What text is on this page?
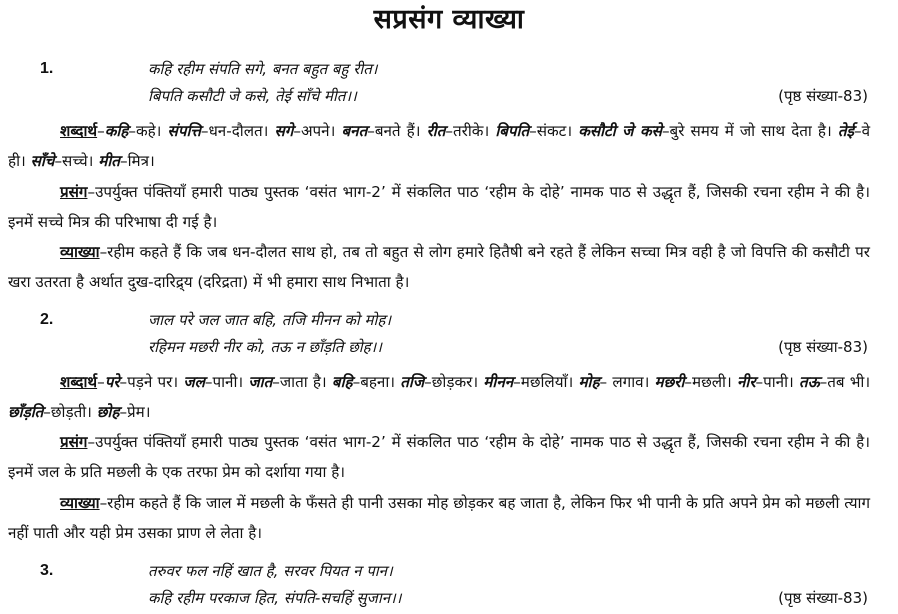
सप्रसंग व्याख्या
1.	कहि रहीम संपति सगे, बनत बहुत बहु रीत।
बिपति कसौटी जे कसे, तेई साँचे मीत।।	(पृष्ठ संख्या-83)
शब्दार्थ–कहि–कहे। संपत्ति–धन-दौलत। सगे–अपने। बनत–बनते हैं। रीत–तरीके। बिपति–संकट। कसौटी जे कसे–बुरे समय में जो साथ देता है। तेई–वे ही। साँचे–सच्चे। मीत–मित्र।
प्रसंग–उपर्युक्त पंक्तियाँ हमारी पाठ्य पुस्तक ‘वसंत भाग-2’ में संकलित पाठ ‘रहीम के दोहे’ नामक पाठ से उद्धृत हैं, जिसकी रचना रहीम ने की है। इनमें सच्चे मित्र की परिभाषा दी गई है।
व्याख्या–रहीम कहते हैं कि जब धन-दौलत साथ हो, तब तो बहुत से लोग हमारे हितैषी बने रहते हैं लेकिन सच्चा मित्र वही है जो विपत्ति की कसौटी पर खरा उतरता है अर्थात दुख-दारिद्र्य (दरिद्रता) में भी हमारा साथ निभाता है।
2.	जाल परे जल जात बहि, तजि मीनन को मोह।
रहिमन मछरी नीर को, तऊ न छाँड़ति छोह।।	(पृष्ठ संख्या-83)
शब्दार्थ–परे–पड़ने पर। जल–पानी। जात–जाता है। बहि–बहना। तजि–छोड़कर। मीनन–मछलियाँ। मोह– लगाव। मछरी–मछली। नीर–पानी। तऊ–तब भी। छाँड़ति–छोड़ती। छोह–प्रेम।
प्रसंग–उपर्युक्त पंक्तियाँ हमारी पाठ्य पुस्तक ‘वसंत भाग-2’ में संकलित पाठ ‘रहीम के दोहे’ नामक पाठ से उद्धृत हैं, जिसकी रचना रहीम ने की है। इनमें जल के प्रति मछली के एक तरफा प्रेम को दर्शाया गया है।
व्याख्या–रहीम कहते हैं कि जाल में मछली के फँसते ही पानी उसका मोह छोड़कर बह जाता है, लेकिन फिर भी पानी के प्रति अपने प्रेम को मछली त्याग नहीं पाती और यही प्रेम उसका प्राण ले लेता है।
3.	तरुवर फल नहिं खात है, सरवर पियत न पान।
कहि रहीम परकाज हित, संपति-सचहिं सुजान।।	(पृष्ठ संख्या-83)
